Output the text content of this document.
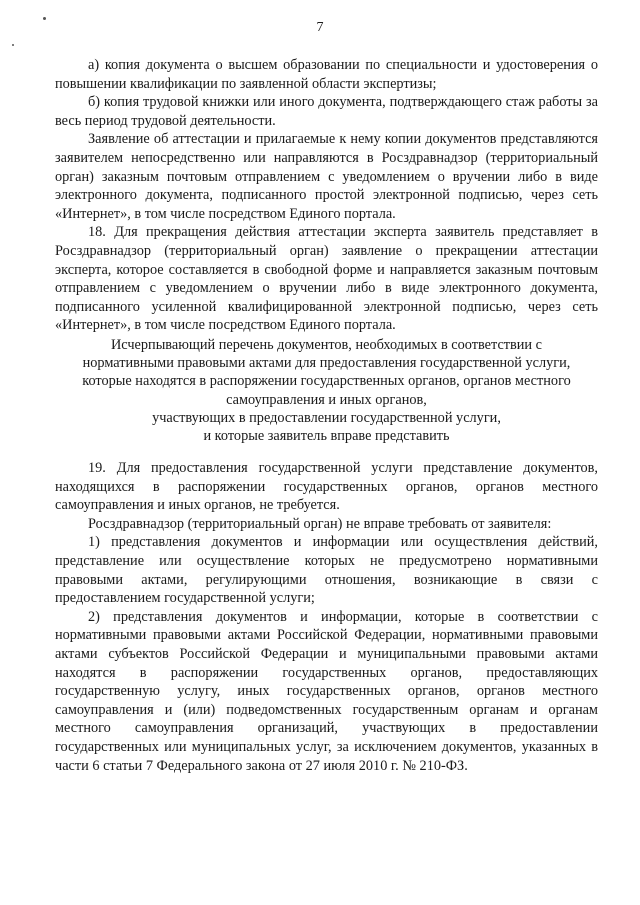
7

а) копия документа о высшем образовании по специальности и удостоверения о повышении квалификации по заявленной области экспертизы;

б) копия трудовой книжки или иного документа, подтверждающего стаж работы за весь период трудовой деятельности.

Заявление об аттестации и прилагаемые к нему копии документов представляются заявителем непосредственно или направляются в Росздравнадзор (территориальный орган) заказным почтовым отправлением с уведомлением о вручении либо в виде электронного документа, подписанного простой электронной подписью, через сеть «Интернет», в том числе посредством Единого портала.

18. Для прекращения действия аттестации эксперта заявитель представляет в Росздравнадзор (территориальный орган) заявление о прекращении аттестации эксперта, которое составляется в свободной форме и направляется заказным почтовым отправлением с уведомлением о вручении либо в виде электронного документа, подписанного усиленной квалифицированной электронной подписью, через сеть «Интернет», в том числе посредством Единого портала.

Исчерпывающий перечень документов, необходимых в соответствии с
нормативными правовыми актами для предоставления государственной услуги,
которые находятся в распоряжении государственных органов, органов местного
самоуправления и иных органов,
участвующих в предоставлении государственной услуги,
и которые заявитель вправе представить

19. Для предоставления государственной услуги представление документов, находящихся в распоряжении государственных органов, органов местного самоуправления и иных органов, не требуется.

Росздравнадзор (территориальный орган) не вправе требовать от заявителя:

1) представления документов и информации или осуществления действий, представление или осуществление которых не предусмотрено нормативными правовыми актами, регулирующими отношения, возникающие в связи с предоставлением государственной услуги;

2) представления документов и информации, которые в соответствии с нормативными правовыми актами Российской Федерации, нормативными правовыми актами субъектов Российской Федерации и муниципальными правовыми актами находятся в распоряжении государственных органов, предоставляющих государственную услугу, иных государственных органов, органов местного самоуправления и (или) подведомственных государственным органам и органам местного самоуправления организаций, участвующих в предоставлении государственных или муниципальных услуг, за исключением документов, указанных в части 6 статьи 7 Федерального закона от 27 июля 2010 г. № 210-ФЗ.
